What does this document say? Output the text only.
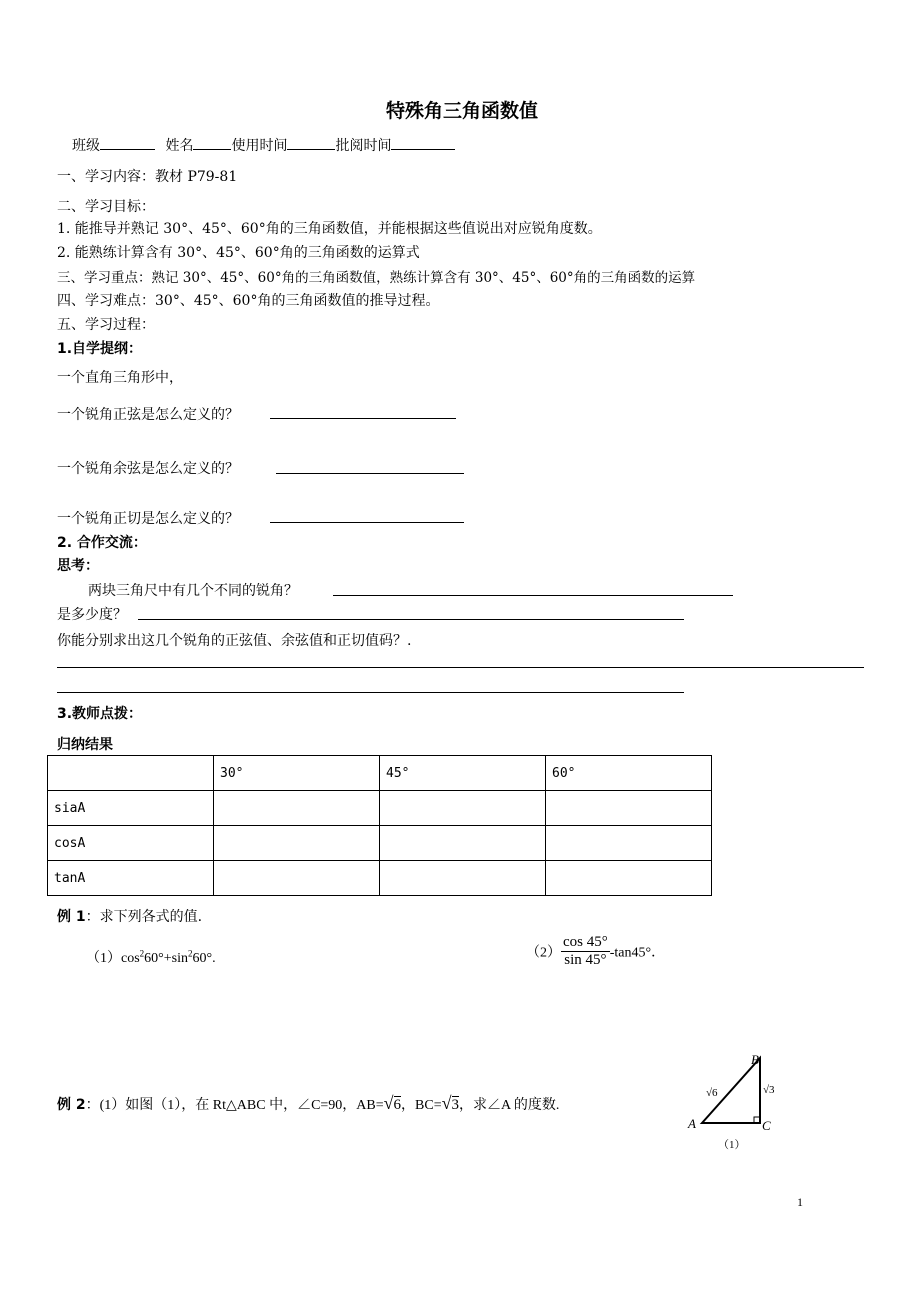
特殊角三角函数值
班级	姓名	使用时间	批阅时间
一、学习内容：教材 P79-81
二、学习目标：
1. 能推导并熟记 30°、45°、60°角的三角函数值，并能根据这些值说出对应锐角度数。
2. 能熟练计算含有 30°、45°、60°角的三角函数的运算式
三、学习重点：熟记 30°、45°、60°角的三角函数值，熟练计算含有 30°、45°、60°角的三角函数的运算
四、学习难点：30°、45°、60°角的三角函数值的推导过程。
五、学习过程：
1.自学提纲：
一个直角三角形中，
一个锐角正弦是怎么定义的？
一个锐角余弦是怎么定义的？
一个锐角正切是怎么定义的？
2. 合作交流：
思考：
两块三角尺中有几个不同的锐角？
是多少度？
你能分别求出这几个锐角的正弦值、余弦值和正切值码？.
3.教师点拨：
归纳结果
	30°	45°	60°
siaA			
cosA			
tanA			
例 1：求下列各式的值.
$(1)\cos^260^\circ+\sin^260^\circ$.	$(2) \frac{\cos 45^\circ}{\sin 45^\circ} -\tan 45^\circ$．
例 2：(1）如图（1），在 Rt△ABC 中，∠C=90，AB=√6，BC=√3，求∠A 的度数.
A
B
C
√6	√3
（1）
1
